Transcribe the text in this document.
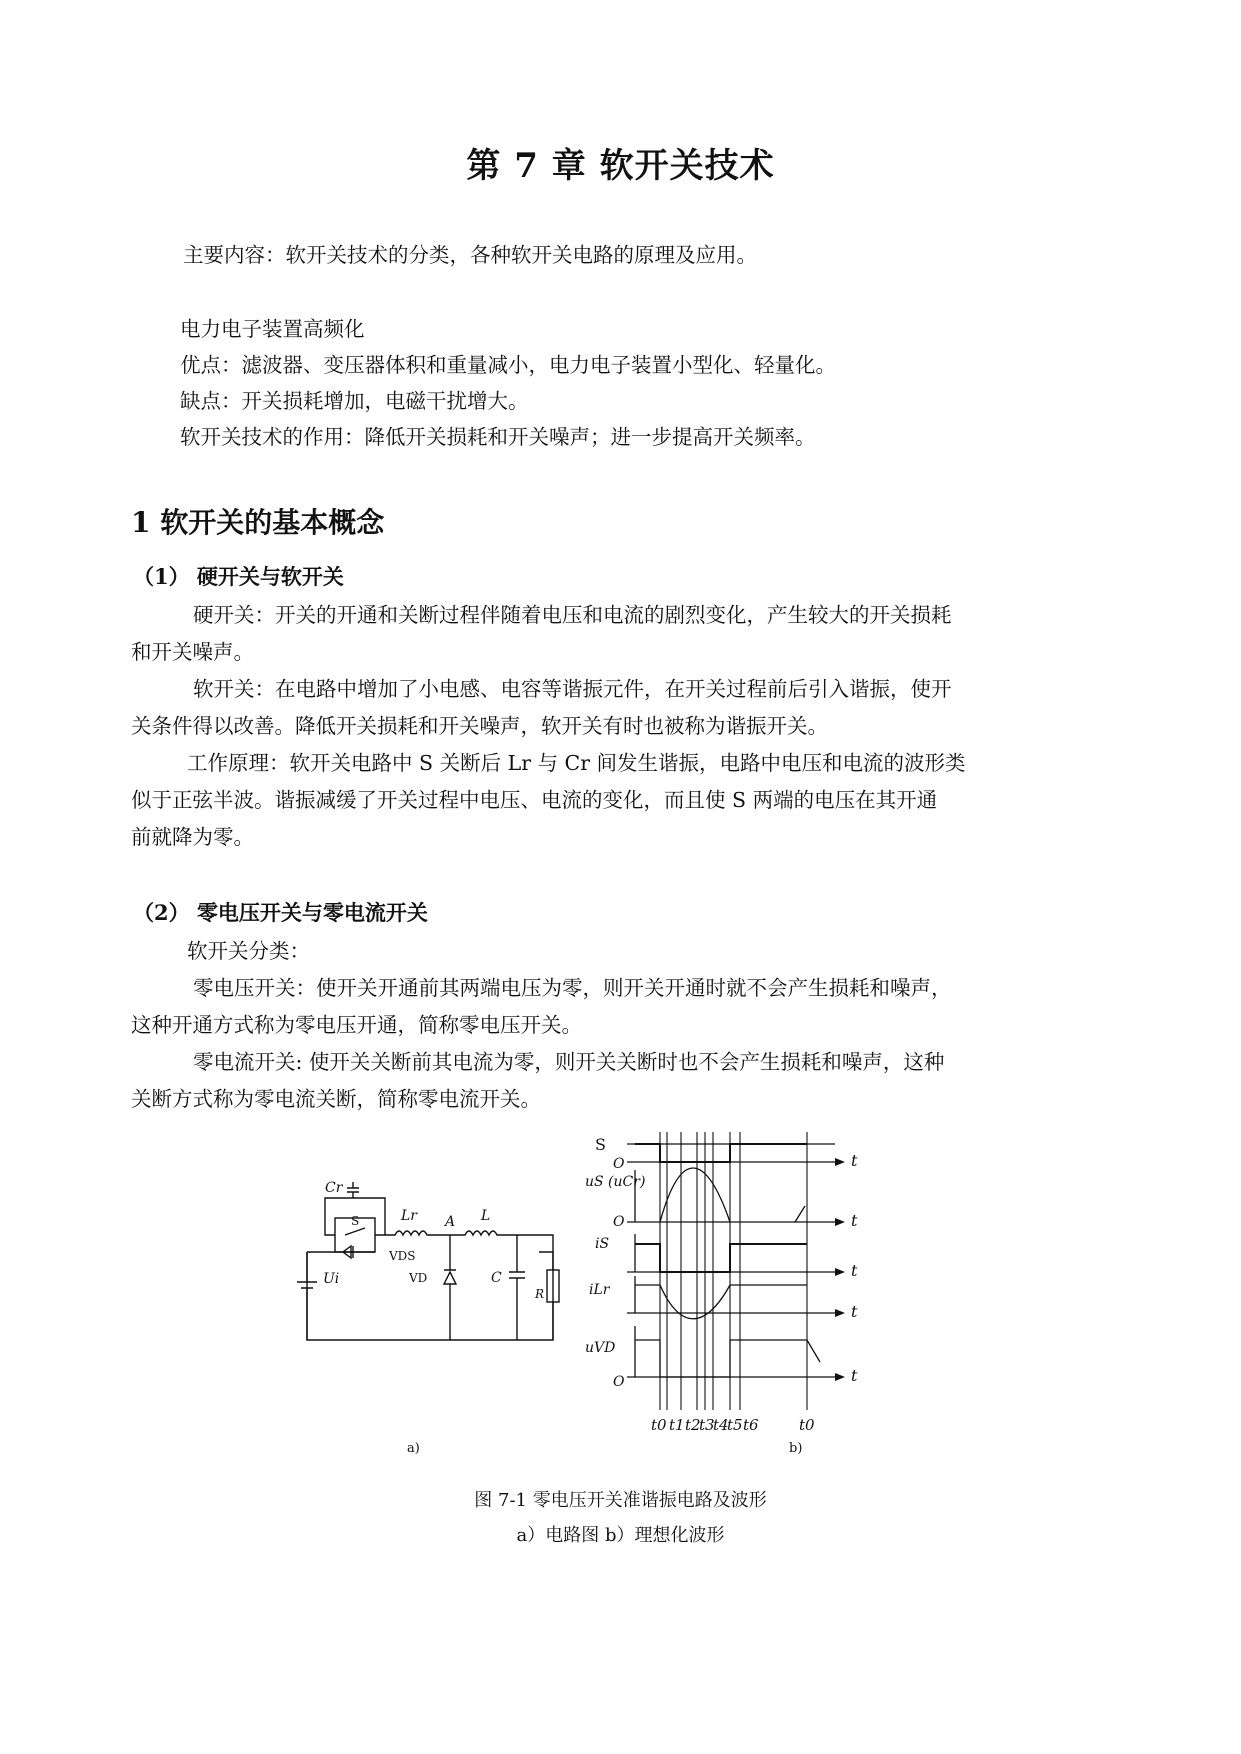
第 7 章 软开关技术
主要内容：软开关技术的分类，各种软开关电路的原理及应用。
电力电子装置高频化
优点：滤波器、变压器体积和重量减小，电力电子装置小型化、轻量化。
缺点：开关损耗增加，电磁干扰增大。
软开关技术的作用：降低开关损耗和开关噪声；进一步提高开关频率。
1 软开关的基本概念
（1） 硬开关与软开关
硬开关：开关的开通和关断过程伴随着电压和电流的剧烈变化，产生较大的开关损耗
和开关噪声。
软开关：在电路中增加了小电感、电容等谐振元件，在开关过程前后引入谐振，使开
关条件得以改善。降低开关损耗和开关噪声，软开关有时也被称为谐振开关。
工作原理：软开关电路中 S 关断后 Lr 与 Cr 间发生谐振，电路中电压和电流的波形类
似于正弦半波。谐振减缓了开关过程中电压、电流的变化，而且使 S 两端的电压在其开通
前就降为零。
（2） 零电压开关与零电流开关
软开关分类：
零电压开关：使开关开通前其两端电压为零，则开关开通时就不会产生损耗和噪声，
这种开通方式称为零电压开通，简称零电压开关。
零电流开关: 使开关关断前其电流为零，则开关关断时也不会产生损耗和噪声，这种
关断方式称为零电流关断，简称零电流开关。
Cr
S	Lr A L
VDS
Ui	VD	C
R
a)
S
uS (uCr)
iS
iLr
uVD
O
O
O
t
t
t
t
t
t0 t1 t2
t3
t4
t5 t6	t0
b)
图 7-1 零电压开关准谐振电路及波形
a）电路图 b）理想化波形
